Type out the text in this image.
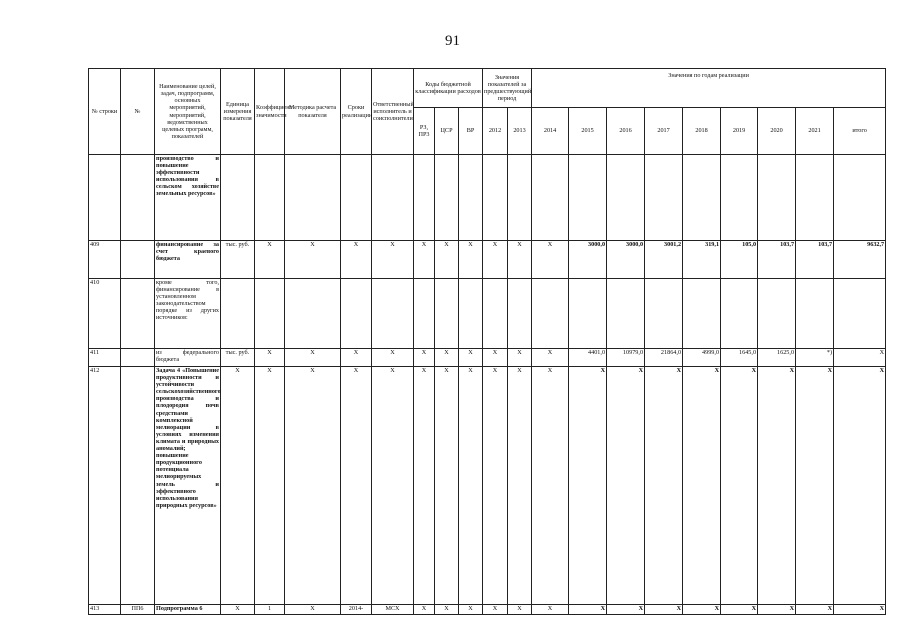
91
№ строки	№	Наименование целей, задач, подпрограмм, основных мероприятий, мероприятий, ведомственных целевых программ, показателей	Единица измерения показателя	Коэффициент значимости	Методика расчета показателя	Сроки реализации	Ответственный исполнитель и соисполнители	Коды бюджетной классификации расходов			Значения показателей за предшествующий период		Значения по годам реализации								
								РЗ, ПР3	ЦСР	ВР	2012	2013	2014	2015	2016	2017	2018	2019	2020	2021	итого
		производство и повышение эффективности использования в сельском хозяйстве земельных ресурсов»																			
409		финансирование за счет краевого бюджета	тыс. руб.	X	X	X	X	X	X	X	X	X	X	3000,0	3000,0	3001,2	319,1	105,0	103,7	103,7	9632,7
410		кроме того, финансирование в установленном законодательством порядке из других источников:																			
411		из федерального бюджета	тыс. руб.	X	X	X	X	X	X	X	X	X	X	4401,0	10979,0	21864,0	4999,0	1645,0	1625,0	*)	X
412		Задача 4 «Повышение продуктивности и устойчивости сельскохозяйственного производства и плодородия почв средствами комплексной мелиорации в условиях изменения климата и природных аномалий; повышение продукционного потенциала мелиорируемых земель и эффективного использования природных ресурсов»	X	X	X	X	X	X	X	X	X	X	X	X	X	X	X	X	X	X	X
413	ПП6	Подпрограмма 6	X	1	X	2014-	МСХ	X	X	X	X	X	X	X	X	X	X	X	X	X	X
